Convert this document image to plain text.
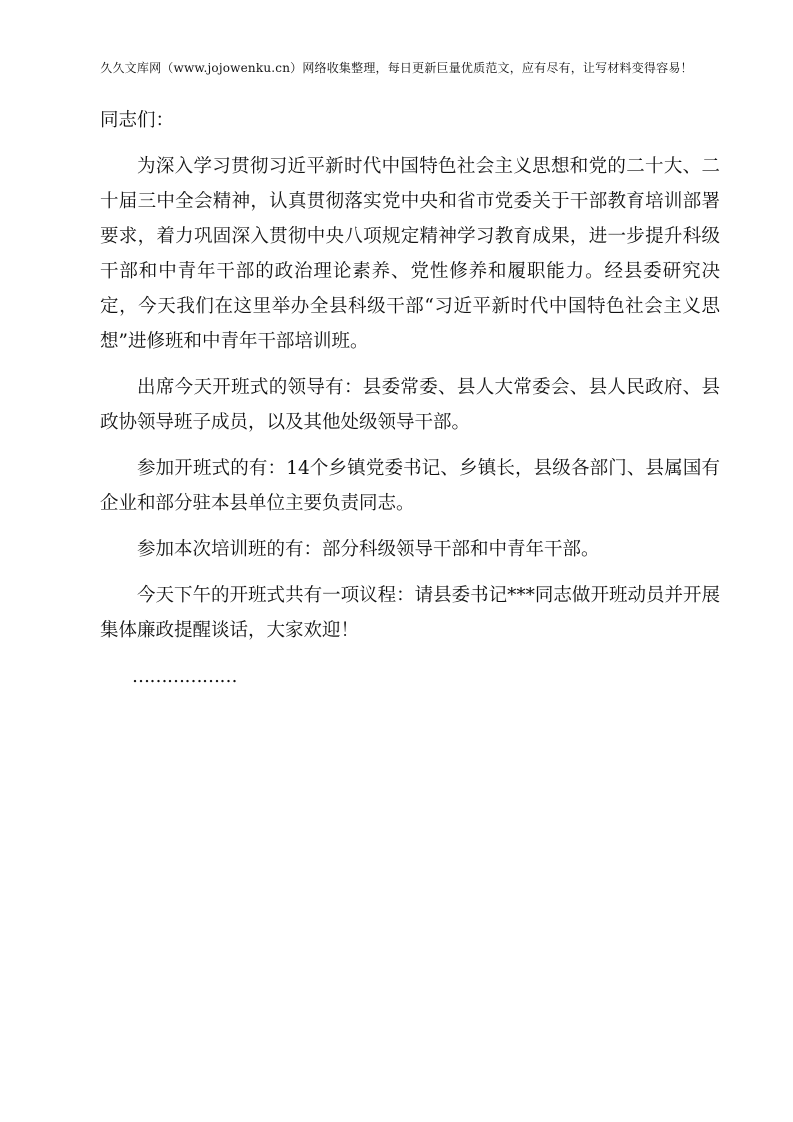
久久文库网（www.jojowenku.cn）网络收集整理，每日更新巨量优质范文，应有尽有，让写材料变得容易！

同志们：

为深入学习贯彻习近平新时代中国特色社会主义思想和党的二十大、二十届三中全会精神，认真贯彻落实党中央和省市党委关于干部教育培训部署要求，着力巩固深入贯彻中央八项规定精神学习教育成果，进一步提升科级干部和中青年干部的政治理论素养、党性修养和履职能力。经县委研究决定，今天我们在这里举办全县科级干部“习近平新时代中国特色社会主义思想”进修班和中青年干部培训班。

出席今天开班式的领导有：县委常委、县人大常委会、县人民政府、县政协领导班子成员，以及其他处级领导干部。

参加开班式的有：14个乡镇党委书记、乡镇长，县级各部门、县属国有企业和部分驻本县单位主要负责同志。

参加本次培训班的有：部分科级领导干部和中青年干部。

今天下午的开班式共有一项议程：请县委书记***同志做开班动员并开展集体廉政提醒谈话，大家欢迎！

………………
